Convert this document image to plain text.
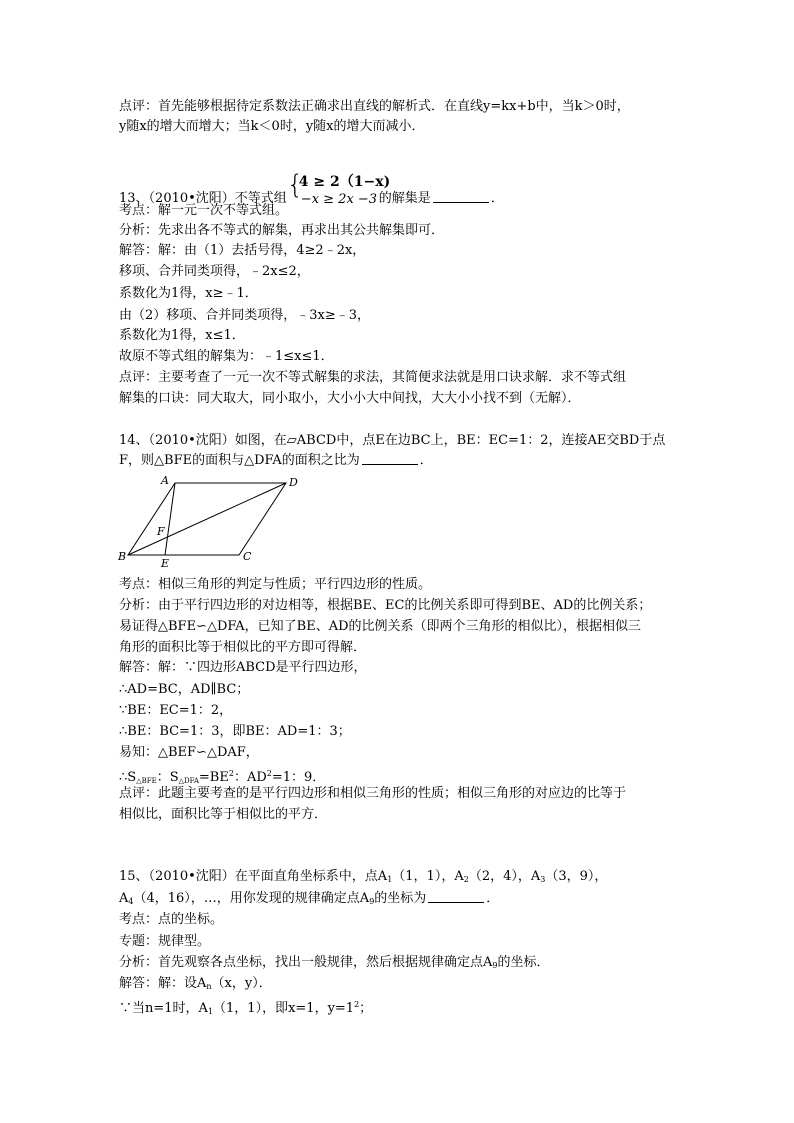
点评：首先能够根据待定系数法正确求出直线的解析式．在直线y=kx+b中，当k＞0时，
y随x的增大而增大；当k＜0时，y随x的增大而减小．
13、（2010•沈阳）不等式组 {
4 ≥ 2（1−x)
−x ≥ 2x −3 的解集是	．
考点：解一元一次不等式组。
分析：先求出各不等式的解集，再求出其公共解集即可．
解答：解：由（1）去括号得，4≥2﹣2x，
移项、合并同类项得，﹣2x≤2，
系数化为1得，x≥﹣1．
由（2）移项、合并同类项得，﹣3x≥﹣3，
系数化为1得，x≤1．
故原不等式组的解集为：﹣1≤x≤1．
点评：主要考查了一元一次不等式解集的求法，其简便求法就是用口诀求解．求不等式组
解集的口诀：同大取大，同小取小，大小小大中间找，大大小小找不到（无解）．
14、（2010•沈阳）如图，在▱ABCD中，点E在边BC上，BE：EC=1：2，连接AE交BD于点
F，则△BFE的面积与△DFA的面积之比为	．
A	D
B
E
C
F
考点：相似三角形的判定与性质；平行四边形的性质。
分析：由于平行四边形的对边相等，根据BE、EC的比例关系即可得到BE、AD的比例关系；
易证得△BFE∽△DFA，已知了BE、AD的比例关系（即两个三角形的相似比），根据相似三
角形的面积比等于相似比的平方即可得解．
解答：解：∵四边形ABCD是平行四边形，
∴AD=BC，AD∥BC；
∵BE：EC=1：2，
∴BE：BC=1：3，即BE：AD=1：3；
易知：△BEF∽△DAF，
∴S△BFE：$S\triangle DFA=BE^2$：$AD^2=1$：9．
点评：此题主要考查的是平行四边形和相似三角形的性质；相似三角形的对应边的比等于
相似比，面积比等于相似比的平方．
15、（2010•沈阳）在平面直角坐标系中，点$A_1(1$，1），$A_2(2$，4），$A_3(3$，9），
$A_4(4$，16），…，用你发现的规律确定点$A_9$的坐标为	．
考点：点的坐标。
专题：规律型。
分析：首先观察各点坐标，找出一般规律，然后根据规律确定点$A_9$的坐标．
解答：解：设$A_n(x$，y）．
∵当n=1时，$A_1(1$，1），即x=1，$y=1^2$；
